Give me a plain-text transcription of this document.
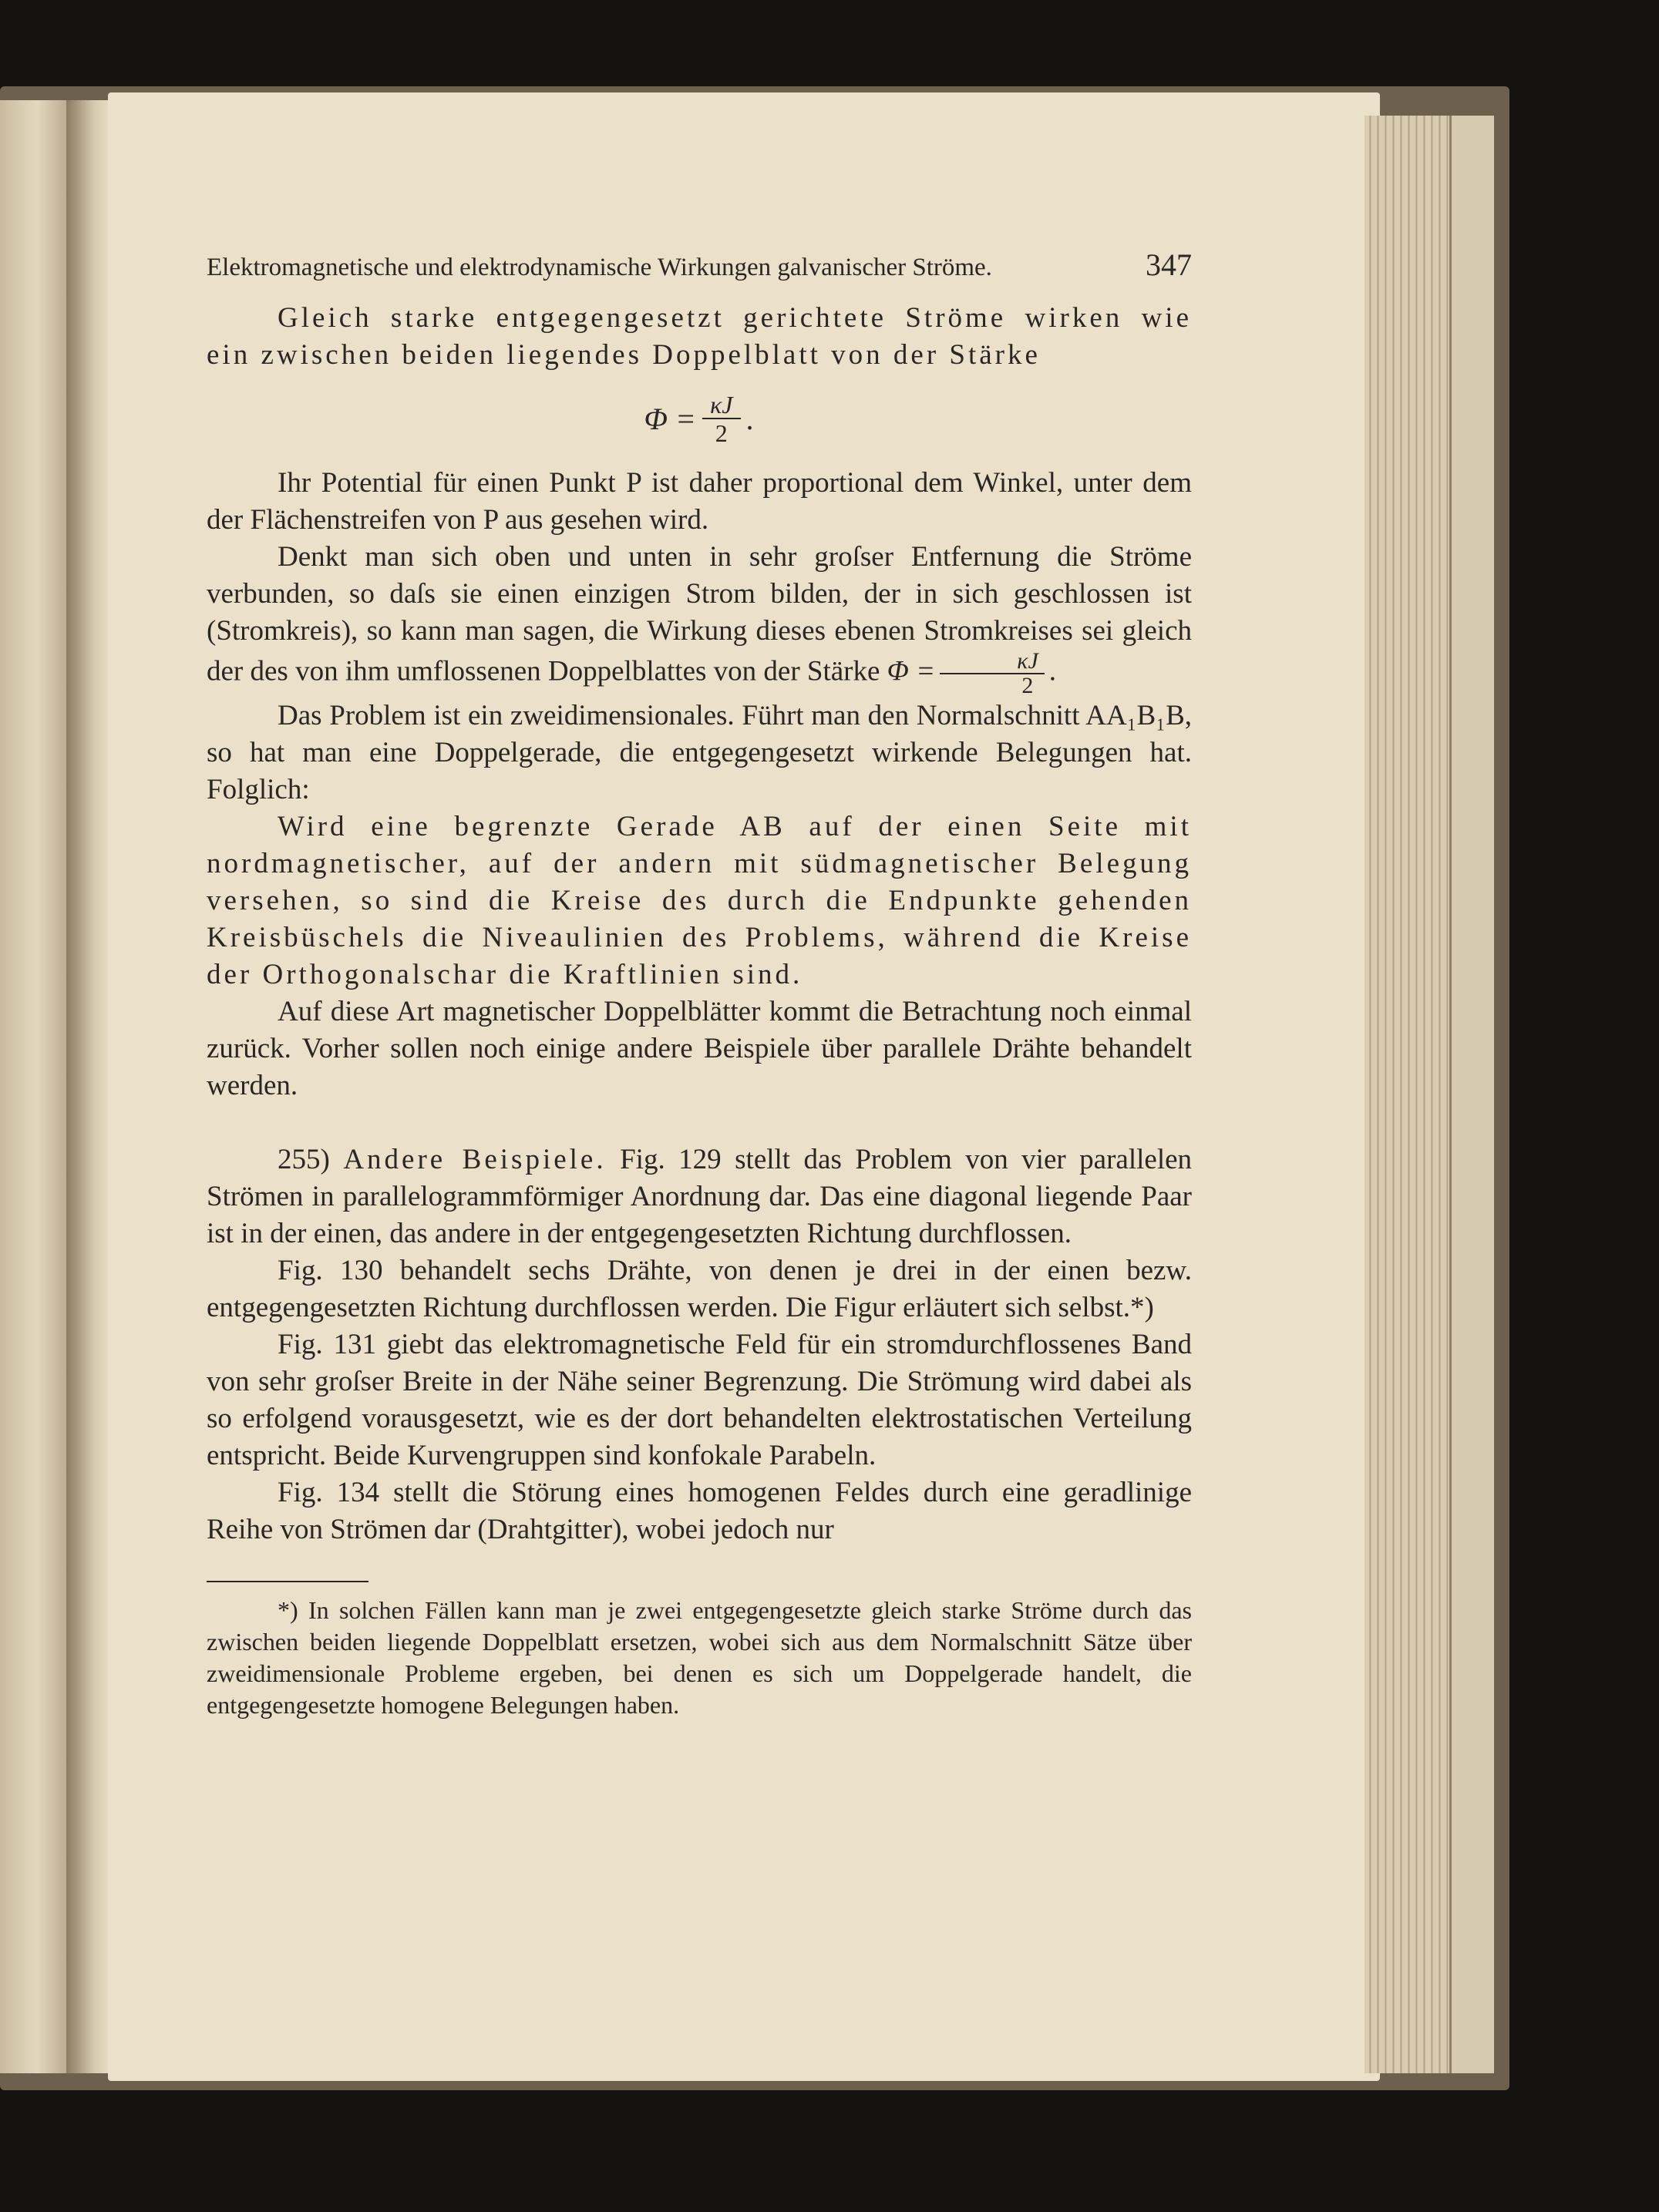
Elektromagnetische und elektrodynamische Wirkungen galvanischer Ströme.	347

Gleich starke entgegengesetzt gerichtete Ströme wirken wie ein zwischen beiden liegendes Doppelblatt von der Stärke

$\Phi = \frac{\kappa J}{2}$ .

Ihr Potential für einen Punkt P ist daher proportional dem Winkel, unter dem der Flächenstreifen von P aus gesehen wird.

Denkt man sich oben und unten in sehr groſser Entfernung die Ströme verbunden, so daſs sie einen einzigen Strom bilden, der in sich geschlossen ist (Stromkreis), so kann man sagen, die Wirkung dieses ebenen Stromkreises sei gleich der des von ihm umflossenen Doppelblattes von der Stärke $\Phi = \frac{\kappa J}{2}$ .

Das Problem ist ein zweidimensionales. Führt man den Normalschnitt AA₁B₁B, so hat man eine Doppelgerade, die entgegengesetzt wirkende Belegungen hat. Folglich:

Wird eine begrenzte Gerade AB auf der einen Seite mit nordmagnetischer, auf der andern mit südmagnetischer Belegung versehen, so sind die Kreise des durch die Endpunkte gehenden Kreisbüschels die Niveaulinien des Problems, während die Kreise der Orthogonalschar die Kraftlinien sind.

Auf diese Art magnetischer Doppelblätter kommt die Betrachtung noch einmal zurück. Vorher sollen noch einige andere Beispiele über parallele Drähte behandelt werden.

255) Andere Beispiele. Fig. 129 stellt das Problem von vier parallelen Strömen in parallelogrammförmiger Anordnung dar. Das eine diagonal liegende Paar ist in der einen, das andere in der entgegengesetzten Richtung durchflossen.

Fig. 130 behandelt sechs Drähte, von denen je drei in der einen bezw. entgegengesetzten Richtung durchflossen werden. Die Figur erläutert sich selbst.*)

Fig. 131 giebt das elektromagnetische Feld für ein stromdurchflossenes Band von sehr groſser Breite in der Nähe seiner Begrenzung. Die Strömung wird dabei als so erfolgend vorausgesetzt, wie es der dort behandelten elektrostatischen Verteilung entspricht. Beide Kurvengruppen sind konfokale Parabeln.

Fig. 134 stellt die Störung eines homogenen Feldes durch eine geradlinige Reihe von Strömen dar (Drahtgitter), wobei jedoch nur

*) In solchen Fällen kann man je zwei entgegengesetzte gleich starke Ströme durch das zwischen beiden liegende Doppelblatt ersetzen, wobei sich aus dem Normalschnitt Sätze über zweidimensionale Probleme ergeben, bei denen es sich um Doppelgerade handelt, die entgegengesetzte homogene Belegungen haben.
